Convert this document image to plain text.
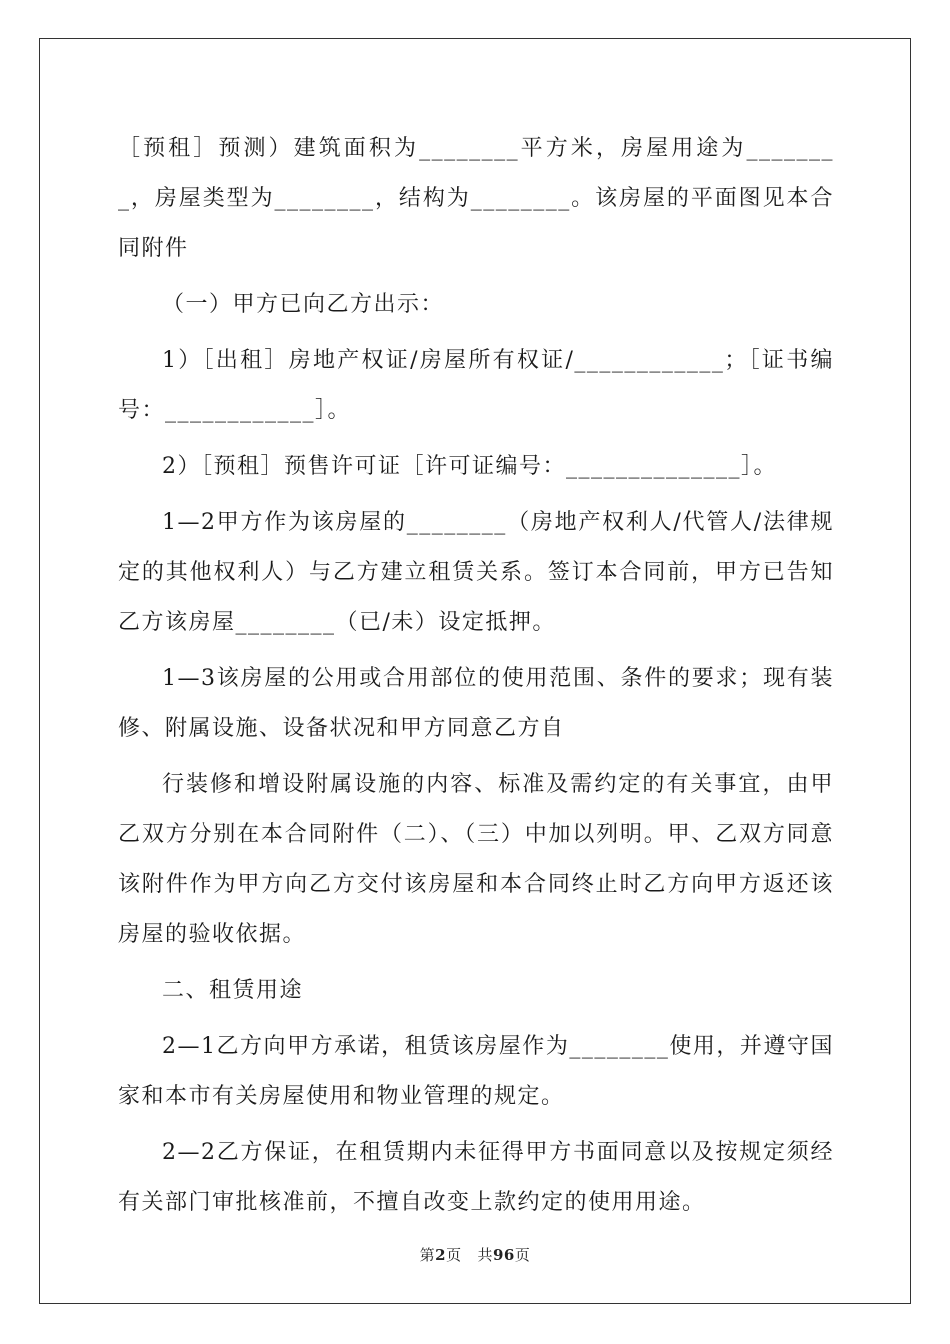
［预租］预测）建筑面积为________平方米，房屋用途为________，房屋类型为________，结构为________。该房屋的平面图见本合同附件

（一）甲方已向乙方出示：

1）［出租］房地产权证/房屋所有权证/____________；［证书编号：____________］。

2）［预租］预售许可证［许可证编号：______________］。

1—2甲方作为该房屋的________（房地产权利人/代管人/法律规定的其他权利人）与乙方建立租赁关系。签订本合同前，甲方已告知乙方该房屋________（已/未）设定抵押。

1—3该房屋的公用或合用部位的使用范围、条件的要求；现有装修、附属设施、设备状况和甲方同意乙方自

行装修和增设附属设施的内容、标准及需约定的有关事宜，由甲乙双方分别在本合同附件（二）、（三）中加以列明。甲、乙双方同意该附件作为甲方向乙方交付该房屋和本合同终止时乙方向甲方返还该房屋的验收依据。

二、租赁用途

2—1乙方向甲方承诺，租赁该房屋作为________使用，并遵守国家和本市有关房屋使用和物业管理的规定。

2—2乙方保证，在租赁期内未征得甲方书面同意以及按规定须经有关部门审批核准前，不擅自改变上款约定的使用用途。

第2页 共96页
